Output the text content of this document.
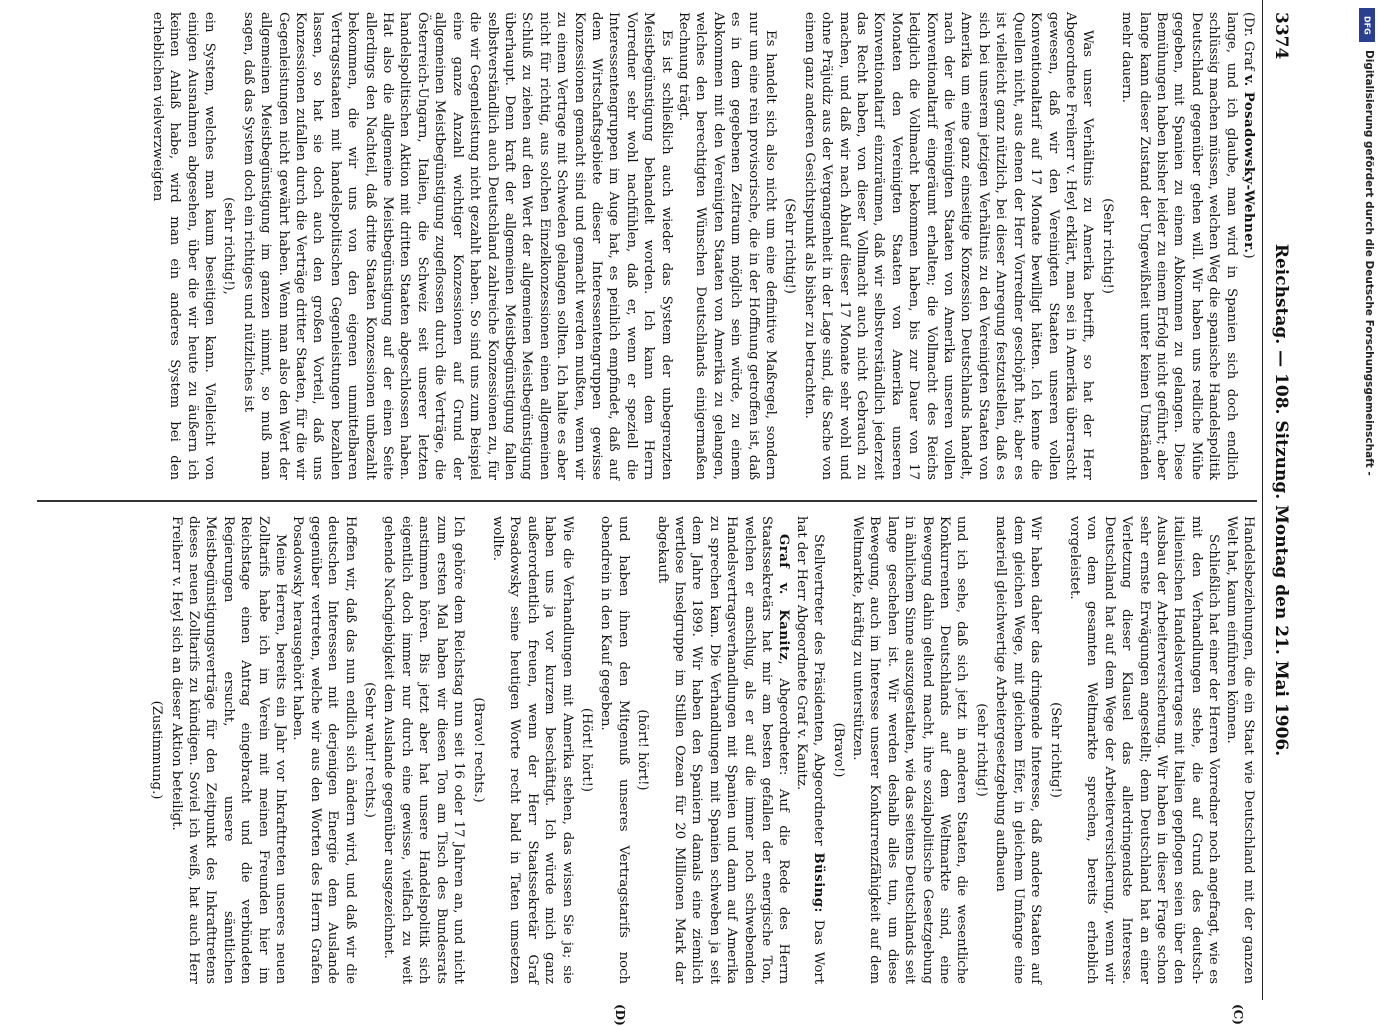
3374
Reichstag. — 108. Sitzung. Montag den 21. Mai 1906.
(C)
(D)

(Dr. Graf v. Posadowsky-Wehner.)

lange, und ich glaube, man wird in Spanien sich doch endlich schlüssig machen müssen, welchen Weg die spanische Handelspolitik Deutschland gegenüber gehen will. Wir haben uns redliche Mühe gegeben, mit Spanien zu einem Abkommen zu gelangen. Diese Bemühungen haben bisher leider zu einem Erfolg nicht geführt; aber lange kann dieser Zustand der Ungewißheit unter keinen Umständen mehr dauern.

(Sehr richtig!)

Was unser Verhältnis zu Amerika betrifft, so hat der Herr Abgeordnete Freiherr v. Heyl erklärt, man sei in Amerika überrascht gewesen, daß wir den Vereinigten Staaten unseren vollen Konventionaltarif auf 17 Monate bewilligt hätten. Ich kenne die Quellen nicht, aus denen der Herr Vorredner geschöpft hat; aber es ist vielleicht ganz nützlich, bei dieser Anregung festzustellen, daß es sich bei unserem jetzigen Verhältnis zu den Vereinigten Staaten von Amerika um eine ganz einseitige Konzession Deutschlands handelt, nach der die Vereinigten Staaten von Amerika unseren vollen Konventionaltarif eingeräumt erhalten; die Vollmacht des Reichs lediglich die Vollmacht bekommen haben, bis zur Dauer von 17 Monaten den Vereinigten Staaten von Amerika unseren Konventionaltarif einzuräumen, daß wir selbstverständlich jederzeit das Recht haben, von dieser Vollmacht auch nicht Gebrauch zu machen, und daß wir nach Ablauf dieser 17 Monate sehr wohl und ohne Präjudiz aus der Vergangenheit in der Lage sind, die Sache von einem ganz anderen Gesichtspunkt als bisher zu betrachten.

(Sehr richtig!)

Es handelt sich also nicht um eine definitive Maßregel, sondern nur um eine rein provisorische, die in der Hoffnung getroffen ist, daß es in dem gegebenen Zeitraum möglich sein würde, zu einem Abkommen mit den Vereinigten Staaten von Amerika zu gelangen, welches den berechtigten Wünschen Deutschlands einigermaßen Rechnung trägt.

Es ist schließlich auch wieder das System der unbegrenzten Meistbegünstigung behandelt worden. Ich kann dem Herrn Vorredner sehr wohl nachfühlen, daß er, wenn er speziell die Interessentengruppen im Auge hat, es peinlich empfindet, daß auf dem Wirtschaftsgebiete dieser Interessentengruppen gewisse Konzessionen gemacht sind und gemacht werden mußten, wenn wir zu einem Vertrage mit Schweden gelangen sollten. Ich halte es aber nicht für richtig, aus solchen Einzelkonzessionen einen allgemeinen Schluß zu ziehen auf den Wert der allgemeinen Meistbegünstigung überhaupt. Denn kraft der allgemeinen Meistbegünstigung fallen selbstverständlich auch Deutschland zahlreiche Konzessionen zu, für die wir Gegenleistung nicht gezahlt haben. So sind uns zum Beispiel eine ganze Anzahl wichtiger Konzessionen auf Grund der allgemeinen Meistbegünstigung zugeflossen durch die Verträge, die Österreich-Ungarn, Italien, die Schweiz seit unserer letzten handelspolitischen Aktion mit dritten Staaten abgeschlossen haben. Hat also die allgemeine Meistbegünstigung auf der einen Seite allerdings den Nachteil, daß dritte Staaten Konzessionen unbezahlt bekommen, die wir uns von den eigenen unmittelbaren Vertragsstaaten mit handelspolitischen Gegenleistungen bezahlen lassen, so hat sie doch auch den großen Vorteil, daß uns Konzessionen zufallen durch die Verträge dritter Staaten, für die wir Gegenleistungen nicht gewährt haben. Wenn man also den Wert der allgemeinen Meistbegünstigung im ganzen nimmt, so muß man sagen, daß das System doch ein richtiges und nützliches ist

(sehr richtig!),

ein System, welches man kaum beseitigen kann. Vielleicht von einigen Ausnahmen abgesehen, über die wir heute zu äußern ich keinen Anlaß habe, wird man ein anderes System bei den erheblichen vielverzweigten

Handelsbeziehungen, die ein Staat wie Deutschland mit der ganzen Welt hat, kaum einführen können.

Schließlich hat einer der Herren Vorredner noch angefragt, wie es mit den Verhandlungen stehe, die auf Grund des deutsch-italienischen Handelsvertrages mit Italien gepflogen seien über den Ausbau der Arbeiterversicherung. Wir haben in dieser Frage schon sehr ernste Erwägungen angestellt; denn Deutschland hat an einer Verletzung dieser Klausel das allerdringendste Interesse. Deutschland hat auf dem Wege der Arbeiterversicherung, wenn wir von dem gesamten Weltmarkte sprechen, bereits erheblich vorgeleistet.

(Sehr richtig!)

Wir haben daher das dringende Interesse, daß andere Staaten auf dem gleichen Wege, mit gleichem Eifer, in gleichem Umfange eine materiell gleichwertige Arbeitergesetzgebung aufbauen

(sehr richtig!)

und ich sehe, daß sich jetzt in anderen Staaten, die wesentliche Konkurrenten Deutschlands auf dem Weltmarkte sind, eine Bewegung dahin geltend macht, ihre sozialpolitische Gesetzgebung in ähnlichem Sinne auszugestalten, wie das seitens Deutschlands seit lange geschehen ist. Wir werden deshalb alles tun, um diese Bewegung, auch im Interesse unserer Konkurrenzfähigkeit auf dem Weltmarkte, kräftig zu unterstützen.

(Bravo!)

Stellvertreter des Präsidenten, Abgeordneter Büsing: Das Wort hat der Herr Abgeordnete Graf v. Kanitz.

Graf v. Kanitz, Abgeordneter: Auf die Rede des Herrn Staatssekretärs hat mir am besten gefallen der energische Ton, welchen er anschlug, als er auf die immer noch schwebenden Handelsvertragsverhandlungen mit Spanien und dann auf Amerika zu sprechen kam. Die Verhandlungen mit Spanien schweben ja seit dem Jahre 1899. Wir haben den Spaniern damals eine ziemlich wertlose Inselgruppe im Stillen Ozean für 20 Millionen Mark dar abgekauft

(hört! hört!)

und haben ihnen den Mitgenuß unseres Vertragstarifs noch obendrein in den Kauf gegeben.

(Hört! hört!)

Wie die Verhandlungen mit Amerika stehen, das wissen Sie ja; sie haben uns ja vor kurzem beschäftigt. Ich würde mich ganz außerordentlich freuen, wenn der Herr Staatssekretär Graf Posadowsky seine heutigen Worte recht bald in Taten umsetzen wollte.

(Bravo! rechts.)

Ich gehöre dem Reichstag nun seit 16 oder 17 Jahren an, und nicht zum ersten Mal haben wir diesen Ton am Tisch des Bundesrats anstimmen hören. Bis jetzt aber hat unsere Handelspolitik sich eigentlich doch immer nur durch eine gewisse, vielfach zu weit gehende Nachgiebigkeit dem Auslande gegenüber ausgezeichnet.

(Sehr wahr! rechts.)

Hoffen wir, daß das nun endlich sich ändern wird, und daß wir die deutschen Interessen mit derjenigen Energie dem Auslande gegenüber vertreten, welche wir aus den Worten des Herrn Grafen Posadowsky herausgehört haben.

Meine Herren, bereits ein Jahr vor Inkrafttreten unseres neuen Zolltarifs habe ich im Verein mit meinen Freunden hier im Reichstage einen Antrag eingebracht und die verbündeten Regierungen ersucht, unsere sämtlichen Meistbegünstigungsverträge für den Zeitpunkt des Inkrafttretens dieses neuen Zolltarifs zu kündigen. Soviel ich weiß, hat auch Herr Freiherr v. Heyl sich an dieser Aktion beteiligt.

(Zustimmung.)

DFG
Digitalisierung gefördert durch die Deutsche Forschungsgemeinschaft -
